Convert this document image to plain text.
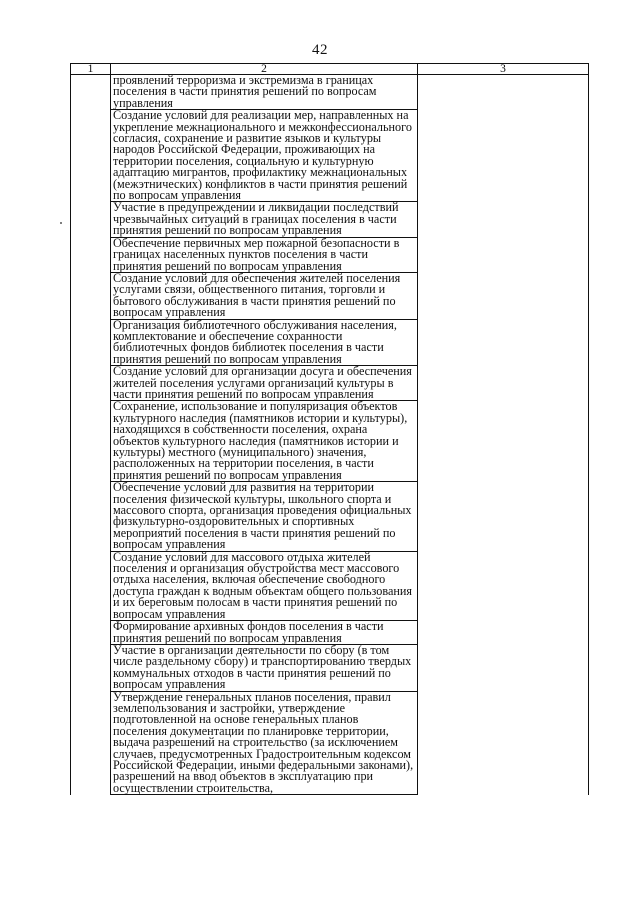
42
1	2	3
	проявлений терроризма и экстремизма в границах поселения в части принятия решений по вопросам управления	
	Создание условий для реализации мер, направленных на укрепление межнационального и межконфессионального согласия, сохранение и развитие языков и культуры народов Российской Федерации, проживающих на территории поселения, социальную и культурную адаптацию мигрантов, профилактику межнациональных (межэтнических) конфликтов в части принятия решений по вопросам управления	
	Участие в предупреждении и ликвидации последствий чрезвычайных ситуаций в границах поселения в части принятия решений по вопросам управления	
	Обеспечение первичных мер пожарной безопасности в границах населенных пунктов поселения в части принятия решений по вопросам управления	
	Создание условий для обеспечения жителей поселения услугами связи, общественного питания, торговли и бытового обслуживания в части принятия решений по вопросам управления	
	Организация библиотечного обслуживания населения, комплектование и обеспечение сохранности библиотечных фондов библиотек поселения в части принятия решений по вопросам управления	
	Создание условий для организации досуга и обеспечения жителей поселения услугами организаций культуры в части принятия решений по вопросам управления	
	Сохранение, использование и популяризация объектов культурного наследия (памятников истории и культуры), находящихся в собственности поселения, охрана объектов культурного наследия (памятников истории и культуры) местного (муниципального) значения, расположенных на территории поселения, в части принятия решений по вопросам управления	
	Обеспечение условий для развития на территории поселения физической культуры, школьного спорта и массового спорта, организация проведения официальных физкультурно-оздоровительных и спортивных мероприятий поселения в части принятия решений по вопросам управления	
	Создание условий для массового отдыха жителей поселения и организация обустройства мест массового отдыха населения, включая обеспечение свободного доступа граждан к водным объектам общего пользования и их береговым полосам в части принятия решений по вопросам управления	
	Формирование архивных фондов поселения в части принятия решений по вопросам управления	
	Участие в организации деятельности по сбору (в том числе раздельному сбору) и транспортированию твердых коммунальных отходов в части принятия решений по вопросам управления	
	Утверждение генеральных планов поселения, правил землепользования и застройки, утверждение подготовленной на основе генеральных планов поселения документации по планировке территории, выдача разрешений на строительство (за исключением случаев, предусмотренных Градостроительным кодексом Российской Федерации, иными федеральными законами), разрешений на ввод объектов в эксплуатацию при осуществлении строительства,	
